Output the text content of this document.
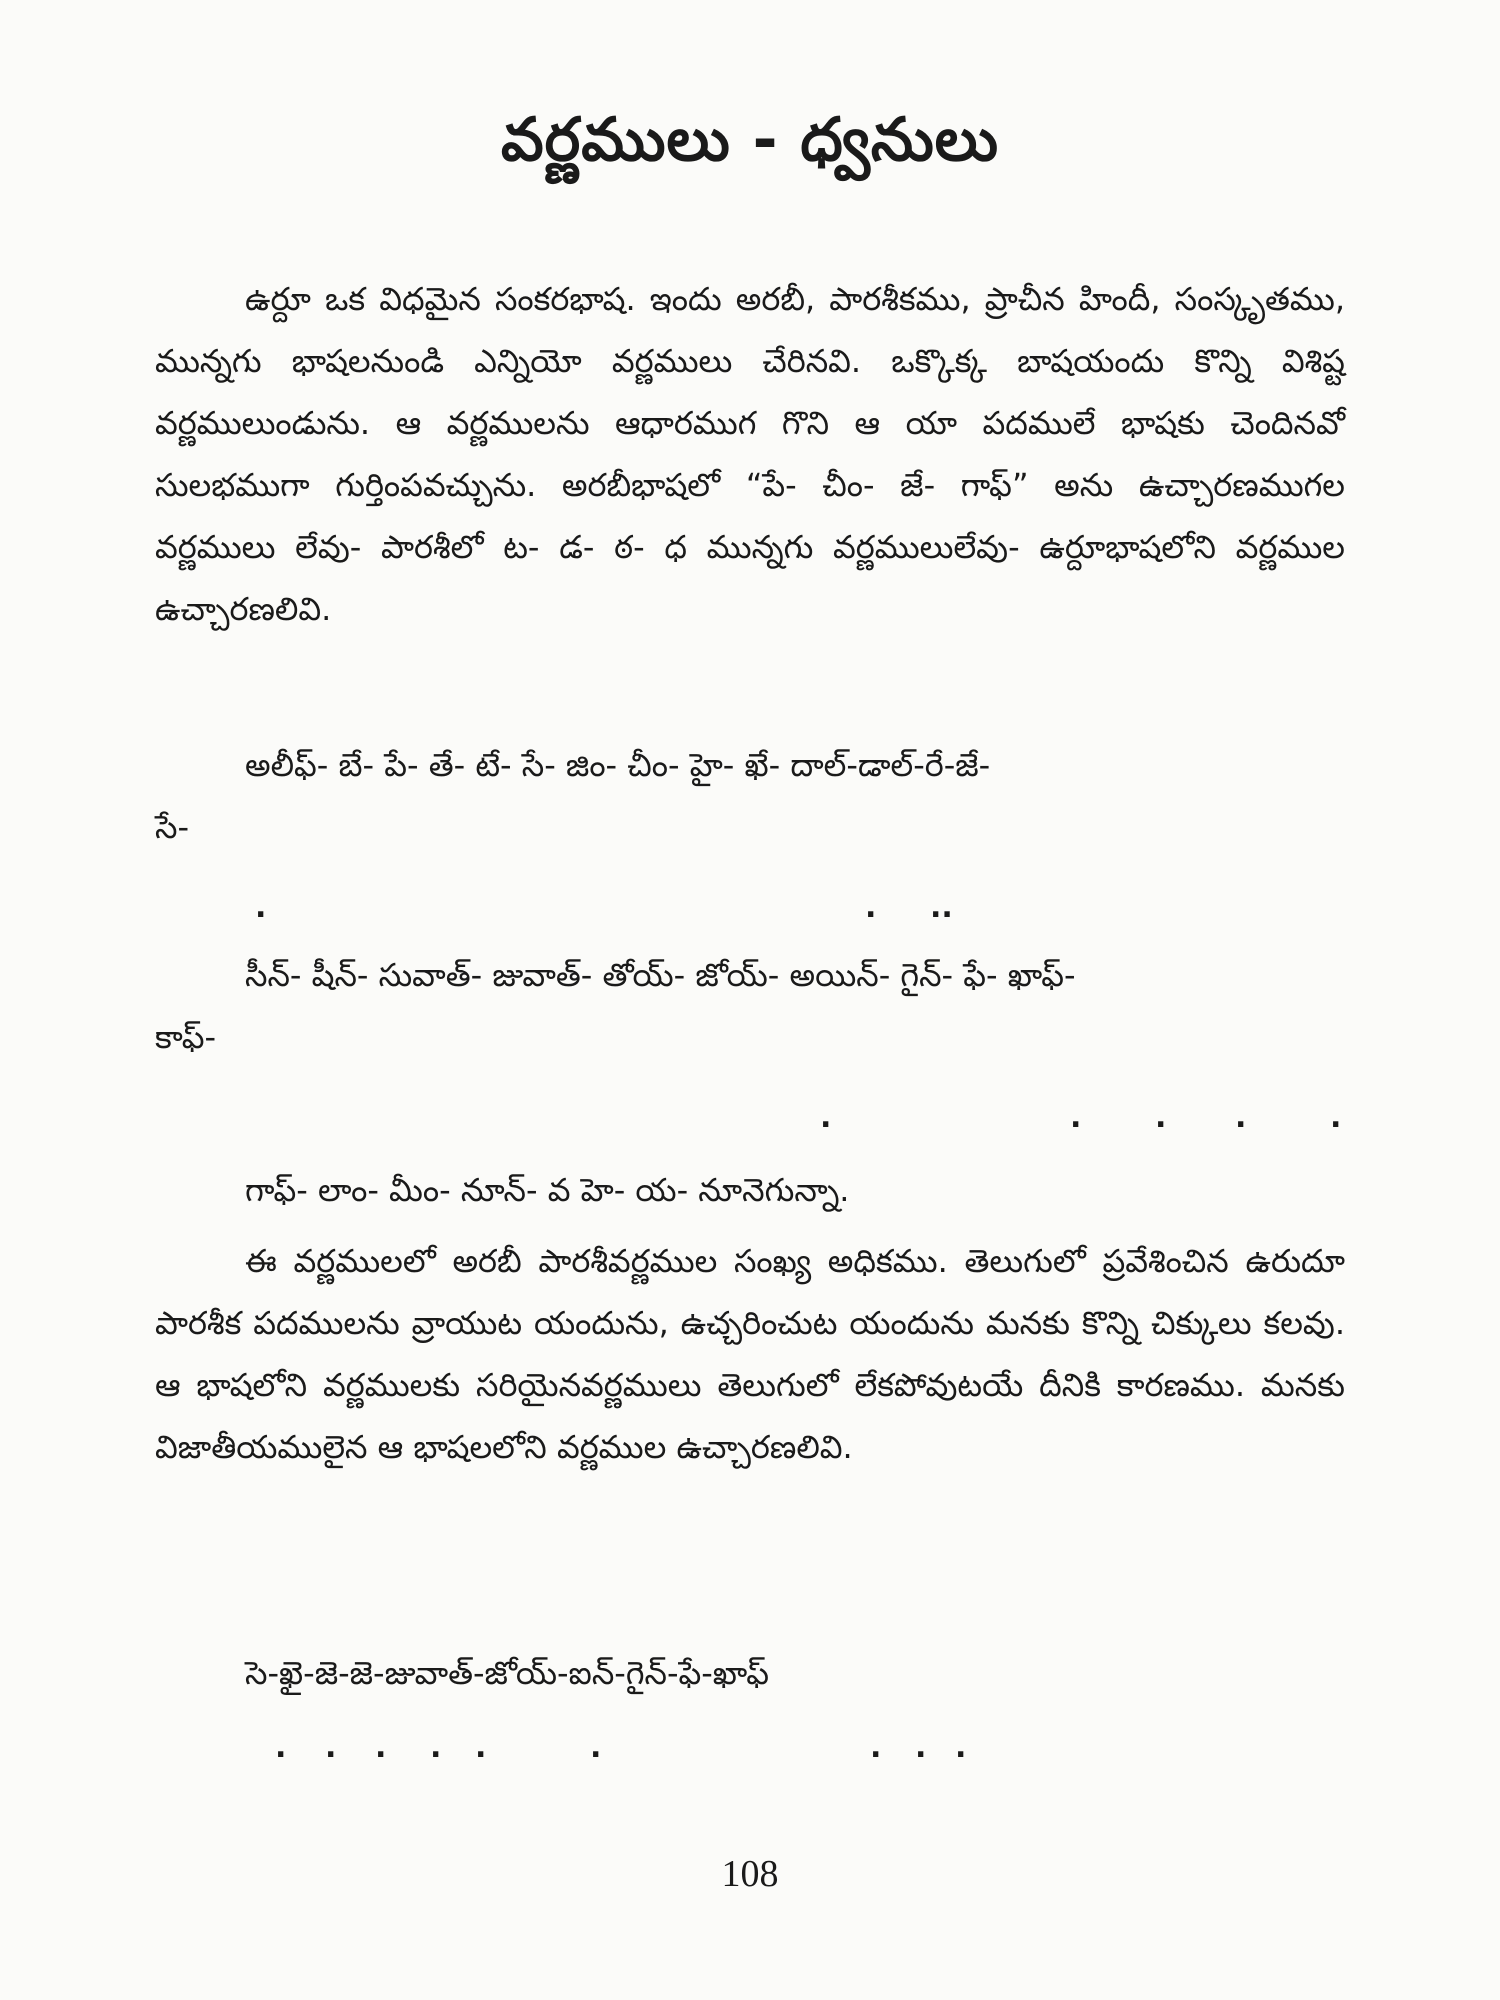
వర్ణములు - ధ్వనులు

ఉర్దూ ఒక విధమైన సంకరభాష. ఇందు అరబీ, పారశీకము, ప్రాచీన హిందీ, సంస్కృతము, మున్నగు భాషలనుండి ఎన్నియో వర్ణములు చేరినవి. ఒక్కొక్క బాషయందు కొన్ని విశిష్ట వర్ణములుండును. ఆ వర్ణములను ఆధారముగ గొని ఆ యా పదములే భాషకు చెందినవో సులభముగా గుర్తింపవచ్చును. అరబీభాషలో “పే- చీం- జే- గాఫ్” అను ఉచ్చారణముగల వర్ణములు లేవు- పారశీలో ట- డ- ఠ- ధ మున్నగు వర్ణములులేవు- ఉర్దూభాషలోని వర్ణముల ఉచ్చారణలివి.

అలీఫ్- బే- పే- తే- టే- సే- జిం- చీం- హై- ఖే- దాల్-డాల్-రే-జే-

సే-

.	. ..

సీన్- షీన్- సువాత్- జువాత్- తోయ్- జోయ్- అయిన్- గైన్- ఫే- ఖాఫ్-

కాఫ్-

.	. . .	.

గాఫ్- లాం- మీం- నూన్- వ హె- య- నూనెగున్నా.

ఈ వర్ణములలో అరబీ పారశీవర్ణముల సంఖ్య అధికము. తెలుగులో ప్రవేశించిన ఉరుదూ పారశీక పదములను వ్రాయుట యందును, ఉచ్చరించుట యందును మనకు కొన్ని చిక్కులు కలవు. ఆ భాషలోని వర్ణములకు సరియైనవర్ణములు తెలుగులో లేకపోవుటయే దీనికి కారణము. మనకు విజాతీయములైన ఆ భాషలలోని వర్ణముల ఉచ్చారణలివి.

సె-ఖై-జె-జె-జువాత్-జోయ్-ఐన్-గైన్-ఫే-ఖాఫ్

. . . . .	.	. . .

108
